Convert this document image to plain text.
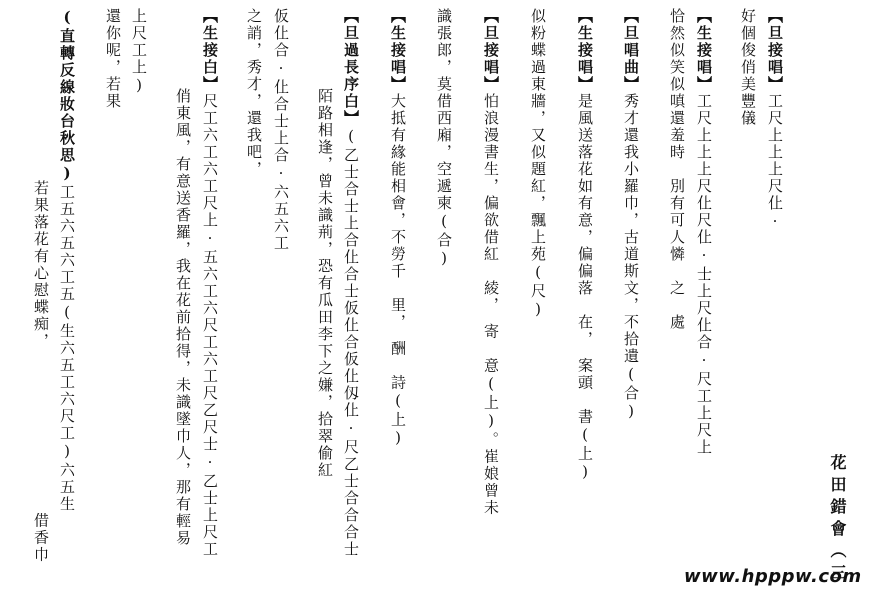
花田錯會（三
【旦接唱】工尺上上上尺仩·
好個俊俏美豐儀
【生接唱】工尺上上上尺仩尺仩·士上尺仩合·尺工上尺上
恰然似笑似嗔還羞時　別有可人憐　之　處
【旦唱曲】秀才還我小羅巾，古道斯文，不拾遺(合)
【生接唱】是風送落花如有意，偏偏落　在，　案頭　書(上)
似粉蝶過東牆，又似題紅，飄上苑(尺)
【旦接唱】怕浪漫書生，偏欲借紅　綾，　寄　意(上)。崔娘曾未
識張郎，莫借西廂，空遞柬(合)
【生接唱】大抵有緣能相會，不勞千　里，　酬　詩(上)
【旦過長序白】(乙士合士上合仩合士仮仩合仮仩仭仩·尺乙士合合合士
陌路相逢，曾未識荊，恐有瓜田李下之嫌，拾翠偷紅
仮仩合·仩合士上合·六五六工
之誚，秀才，還我吧，
【生接白】尺工六工六工尺上·五六工六尺工六工尺乙尺士·乙士上尺工
俏東風，有意送香羅，我在花前拾得，未識墜巾人，那有輕易
上尺工上)
還你呢，若果
(直轉反線妝台秋思)工五六五六工五(生六五工六尺工)六五生
若果落花有心慰蝶痴，　　　　　　　　　　借香巾
www.hpppw.com
